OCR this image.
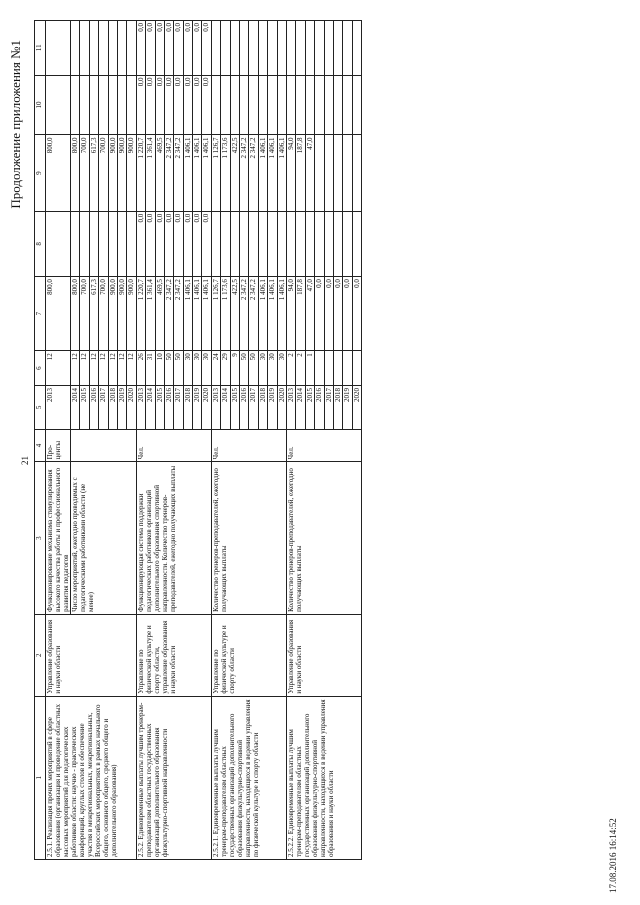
Продолжение приложения №1
21
17.08.2016 16:14:52
1	2	3	4	5	6	7	8	9	10	11
2.5.1. Реализация прочих мероприятий в сфере образования (организация и проведение областных массовых мероприятий для педагогических работников области: научно - практических конференций, круглых столов и обеспечение участия в межрегиональных, межрегиональных, Всероссийских мероприятиях в рамках начального общего, основного общего, среднего общего и дополнительного образования)	Управление образования и науки области	Функционирование механизма стимулирования высокого качества работы и профессионального развития педагогов	Про-центы	2013	12	800,0		800,0		
		Число мероприятий, ежегодно проводимых с педагогическими работниками области (не менее)		2014	12	800,0		800,0		
				2015	12	700,0		700,0		
				2016	12	617,3		617,3		
				2017	12	700,0		700,0		
				2018	12	900,0		900,0		
				2019	12	900,0		900,0		
				2020	12	900,0		900,0		
2.5.2. Единовременные выплаты лучшим тренерам-преподавателям областных государственных организаций дополнительного образования физкультурно-спортивной направленности	Управление по физической культуре и спорту области, управление образования и науки области	Функционирующая система поддержки педагогических работников организаций дополнительного образования спортивной направленности. Количество тренеров-преподавателей, ежегодно получающих выплаты	Чел.	2013	26	1 220,7	0,0	1 220,7	0,0	0,0
				2014	31	1 361,4	0,0	1 361,4	0,0	0,0
				2015	10	469,5	0,0	469,5	0,0	0,0
				2016	50	2 347,2	0,0	2 347,2	0,0	0,0
				2017	50	2 347,2	0,0	2 347,2	0,0	0,0
				2018	30	1 406,1	0,0	1 406,1	0,0	0,0
				2019	30	1 406,1	0,0	1 406,1	0,0	0,0
				2020	30	1 406,1	0,0	1 406,1	0,0	0,0
2.5.2.1. Единовременные выплаты лучшим тренерам-преподавателям областных государственных организаций дополнительного образования физкультурно-спортивной направленности, находящихся в ведении управления по физической культуре и спорту области	Управление по физической культуре и спорту области	Количество тренеров-преподавателей, ежегодно получающих выплаты	Чел.	2013	24	1 126,7		1 126,7		
				2014	29	1 173,6		1 173,6		
				2015	9	422,5		422,5		
				2016	50	2 347,2		2 347,2		
				2017	50	2 347,2		2 347,2		
				2018	30	1 406,1		1 406,1		
				2019	30	1 406,1		1 406,1		
				2020	30	1 406,1		1 406,1		
2.5.2.2. Единовременные выплаты лучшим тренерам-преподавателям областных государственных организаций дополнительного образования физкультурно-спортивной направленности, находящихся в ведении управления образования и науки области	Управление образования и науки области	Количество тренеров-преподавателей, ежегодно получающих выплаты	Чел.	2013	2	94,0		94,0		
				2014	2	187,8		187,8		
				2015	1	47,0		47,0		
				2016		0,0				
				2017		0,0				
				2018		0,0				
				2019		0,0				
				2020		0,0				
